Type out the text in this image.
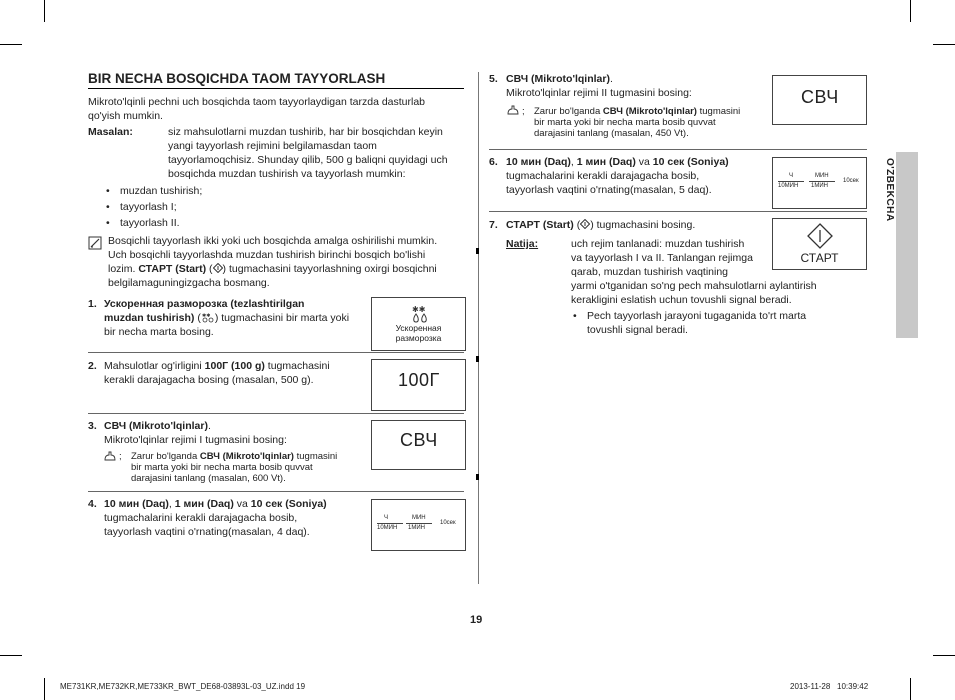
BIR NECHA BOSQICHDA TAOM TAYYORLASH
Mikroto'lqinli pechni uch bosqichda taom tayyorlaydigan tarzda dasturlab qo'yish mumkin.
Masalan:	siz mahsulotlarni muzdan tushirib, har bir bosqichdan keyin
yangi tayyorlash rejimini belgilamasdan taom
tayyorlamoqchisiz. Shunday qilib, 500 g baliqni quyidagi uch
bosqichda muzdan tushirish va tayyorlash mumkin:
• muzdan tushirish;
• tayyorlash I;
• tayyorlash II.
Bosqichli tayyorlash ikki yoki uch bosqichda amalga oshirilishi mumkin.
Uch bosqichli tayyorlashda muzdan tushirish birinchi bosqich bo'lishi
lozim. СТАРТ (Start) ( ) tugmachasini tayyorlashning oxirgi bosqichni
belgilamaguningizgacha bosmang.
1. Ускоренная разморозка (tezlashtirilgan
muzdan tushirish) ( ✱✱ ) tugmachasini bir marta yoki
bir necha marta bosing.
✱✱
Ускоренная
разморозка
2. Mahsulotlar og'irligini 100Г (100 g) tugmachasini
kerakli darajagacha bosing (masalan, 500 g).	100Г
3. СВЧ (Mikroto'lqinlar).
Mikroto'lqinlar rejimi I tugmasini bosing:
; Zarur bo'lganda СВЧ (Mikroto'lqinlar) tugmasini
bir marta yoki bir necha marta bosib quvvat
darajasini tanlang (masalan, 600 Vt).
СВЧ
4. 10 мин (Daq), 1 мин (Daq) va 10 сек (Soniya)
tugmachalarini kerakli darajagacha bosib,
tayyorlash vaqtini o'rnating(masalan, 4 daq).
Ч	МИН
10МИН 1МИН
10сек
5. СВЧ (Mikroto'lqinlar).
Mikroto'lqinlar rejimi II tugmasini bosing:
; Zarur bo'lganda СВЧ (Mikroto'lqinlar) tugmasini
bir marta yoki bir necha marta bosib quvvat
darajasini tanlang (masalan, 450 Vt).
СВЧ
6. 10 мин (Daq), 1 мин (Daq) va 10 сек (Soniya)
tugmachalarini kerakli darajagacha bosib,
tayyorlash vaqtini o'rnating(masalan, 5 daq).
Ч	МИН
10МИН 1МИН
10сек
7. СТАРТ (Start) ( ) tugmachasini bosing.
СТАРТ
Natija:	uch rejim tanlanadi: muzdan tushirish
va tayyorlash I va II. Tanlangan rejimga
qarab, muzdan tushirish vaqtining
yarmi o'tganidan so'ng pech mahsulotlarni aylantirish
kerakligini eslatish uchun tovushli signal beradi.
• Pech tayyorlash jarayoni tugaganida to'rt marta
tovushli signal beradi.
O'ZBEKCHA
19
ME731KR,ME732KR,ME733KR_BWT_DE68-03893L-03_UZ.indd 19	2013-11-28   10:39:42
